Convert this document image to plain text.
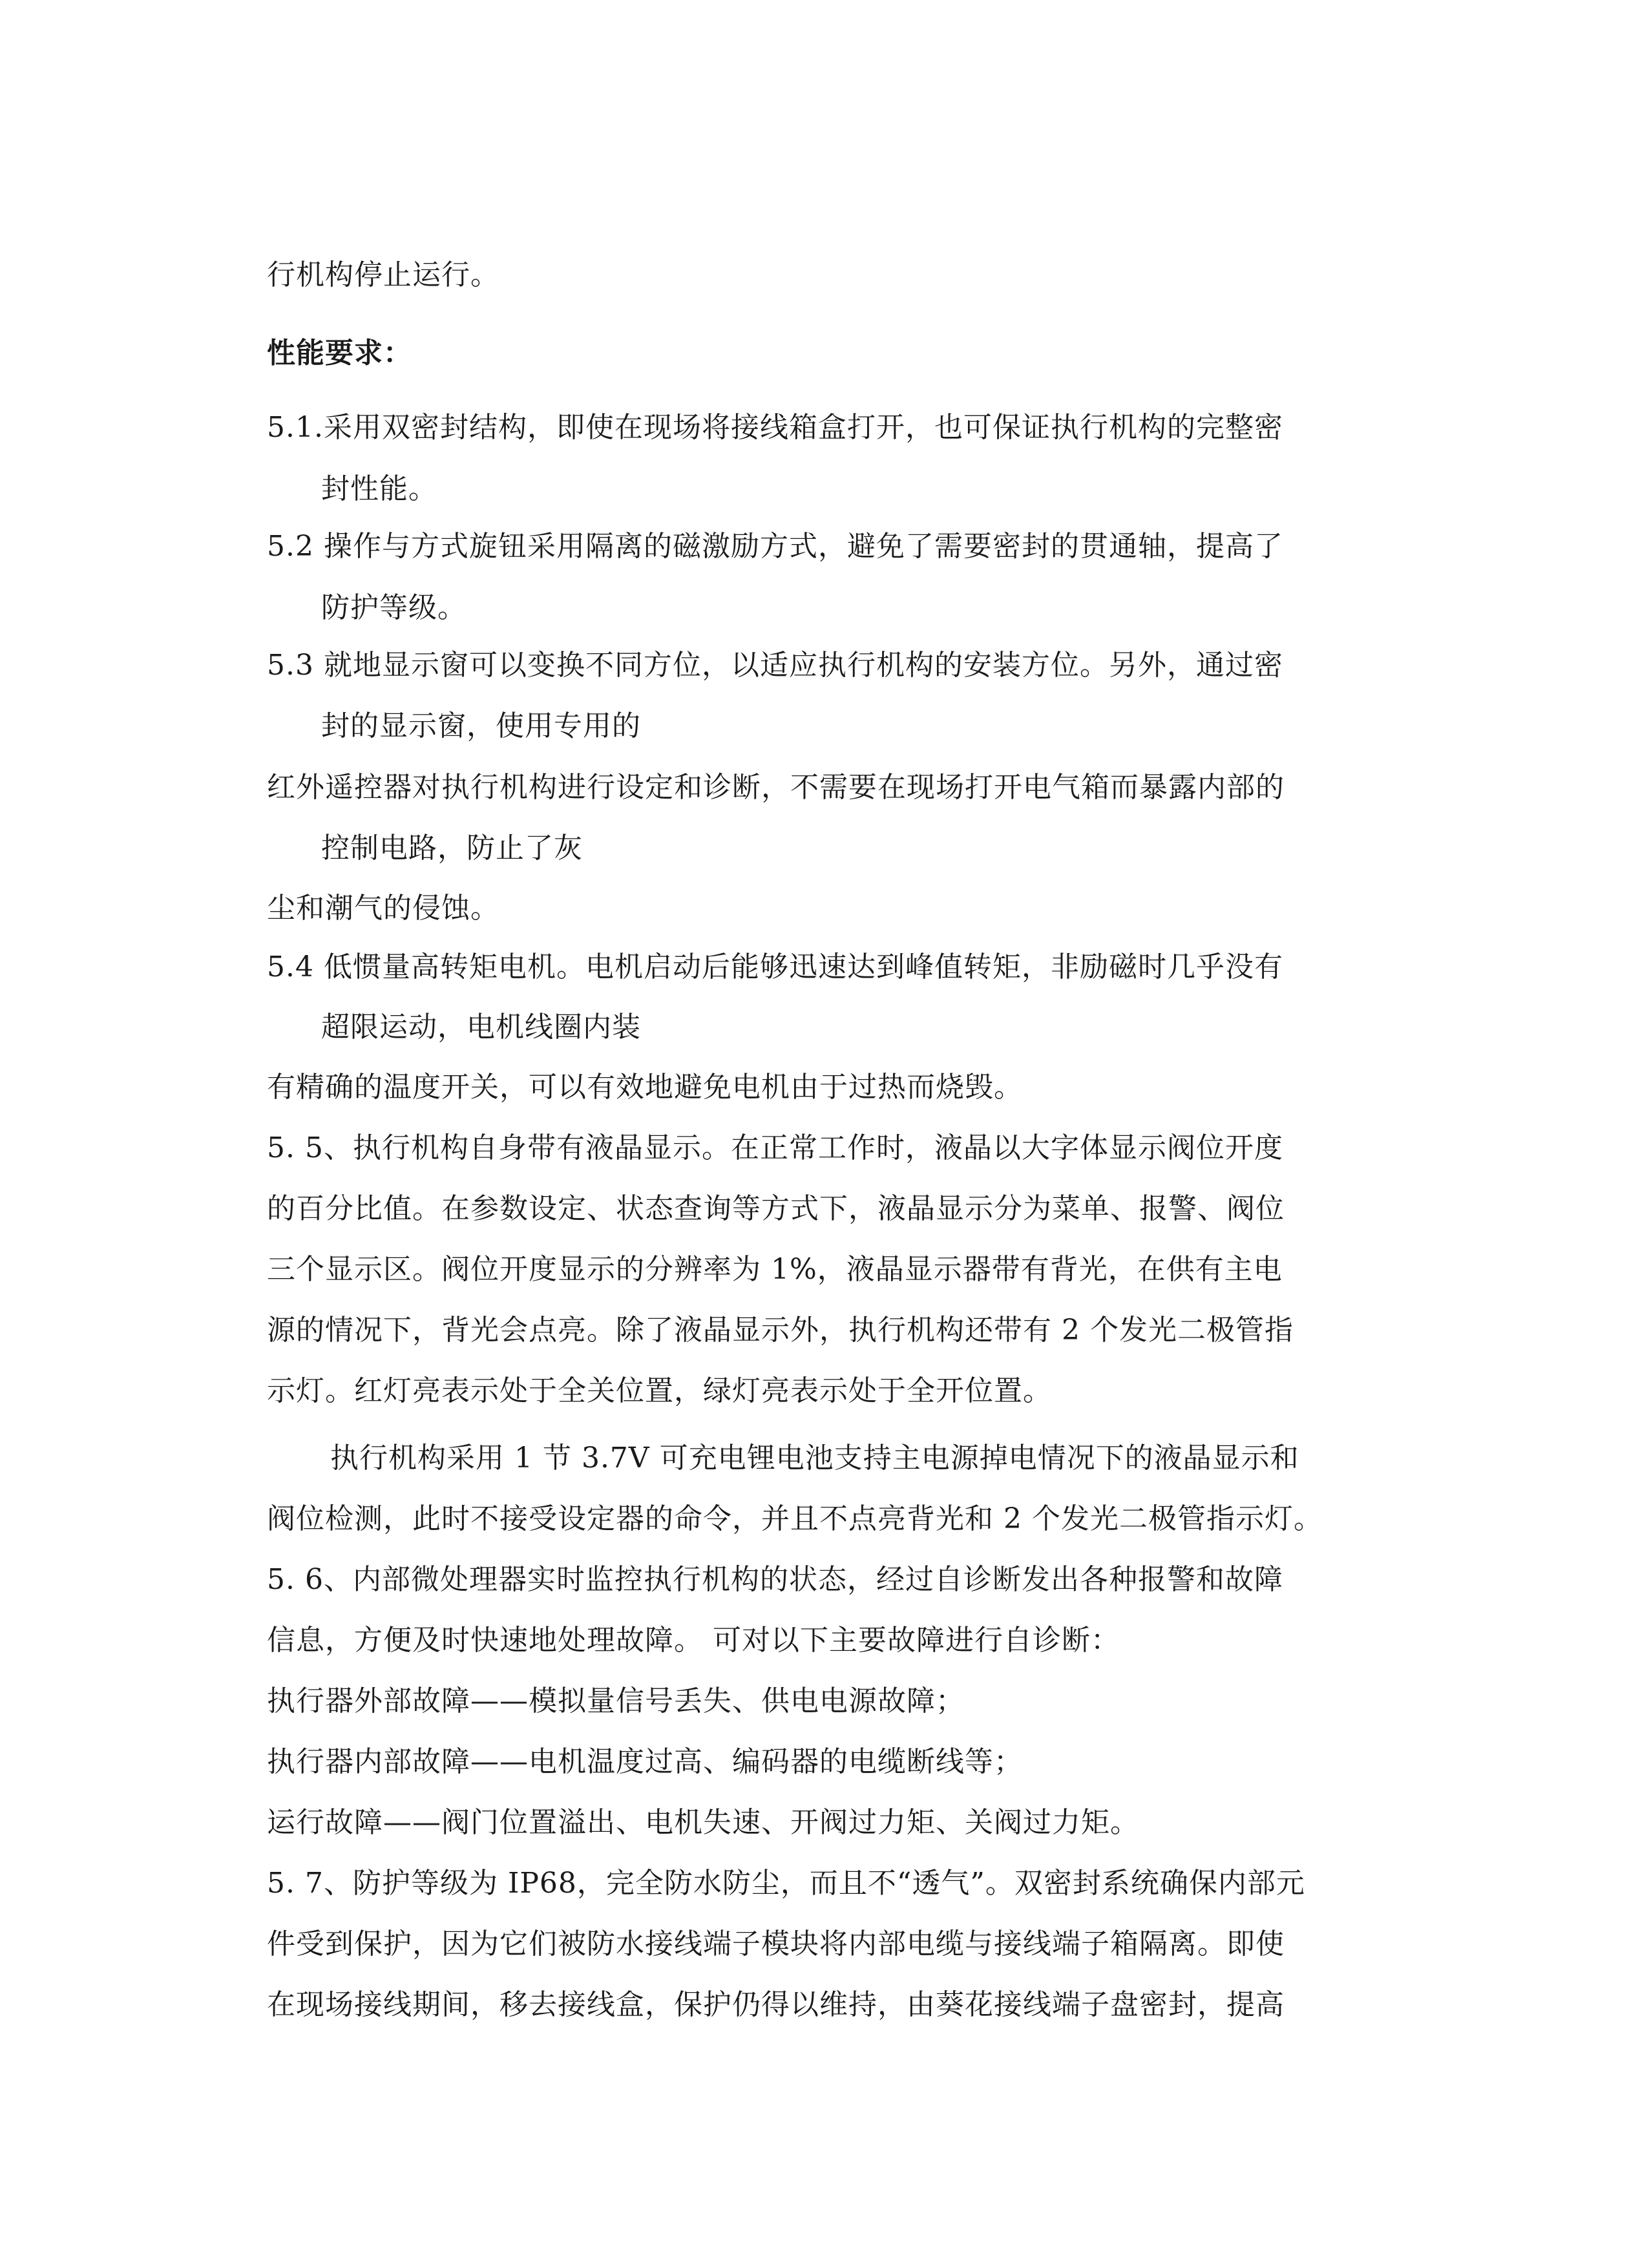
行机构停止运行。
性能要求：
5.1.采用双密封结构，即使在现场将接线箱盒打开，也可保证执行机构的完整密
封性能。
5.2 操作与方式旋钮采用隔离的磁激励方式，避免了需要密封的贯通轴，提高了
防护等级。
5.3 就地显示窗可以变换不同方位，以适应执行机构的安装方位。另外，通过密
封的显示窗，使用专用的
红外遥控器对执行机构进行设定和诊断，不需要在现场打开电气箱而暴露内部的
控制电路，防止了灰
尘和潮气的侵蚀。
5.4 低惯量高转矩电机。电机启动后能够迅速达到峰值转矩，非励磁时几乎没有
超限运动，电机线圈内装
有精确的温度开关，可以有效地避免电机由于过热而烧毁。
5. 5、执行机构自身带有液晶显示。在正常工作时，液晶以大字体显示阀位开度
的百分比值。在参数设定、状态查询等方式下，液晶显示分为菜单、报警、阀位
三个显示区。阀位开度显示的分辨率为 1%，液晶显示器带有背光，在供有主电
源的情况下，背光会点亮。除了液晶显示外，执行机构还带有 2 个发光二极管指
示灯。红灯亮表示处于全关位置，绿灯亮表示处于全开位置。
执行机构采用 1 节 3.7V 可充电锂电池支持主电源掉电情况下的液晶显示和
阀位检测，此时不接受设定器的命令，并且不点亮背光和 2 个发光二极管指示灯。
5. 6、内部微处理器实时监控执行机构的状态，经过自诊断发出各种报警和故障
信息，方便及时快速地处理故障。 可对以下主要故障进行自诊断：
执行器外部故障——模拟量信号丢失、供电电源故障；
执行器内部故障——电机温度过高、编码器的电缆断线等；
运行故障——阀门位置溢出、电机失速、开阀过力矩、关阀过力矩。
5. 7、防护等级为 IP68，完全防水防尘，而且不“透气”。双密封系统确保内部元
件受到保护，因为它们被防水接线端子模块将内部电缆与接线端子箱隔离。即使
在现场接线期间，移去接线盒，保护仍得以维持，由葵花接线端子盘密封，提高
